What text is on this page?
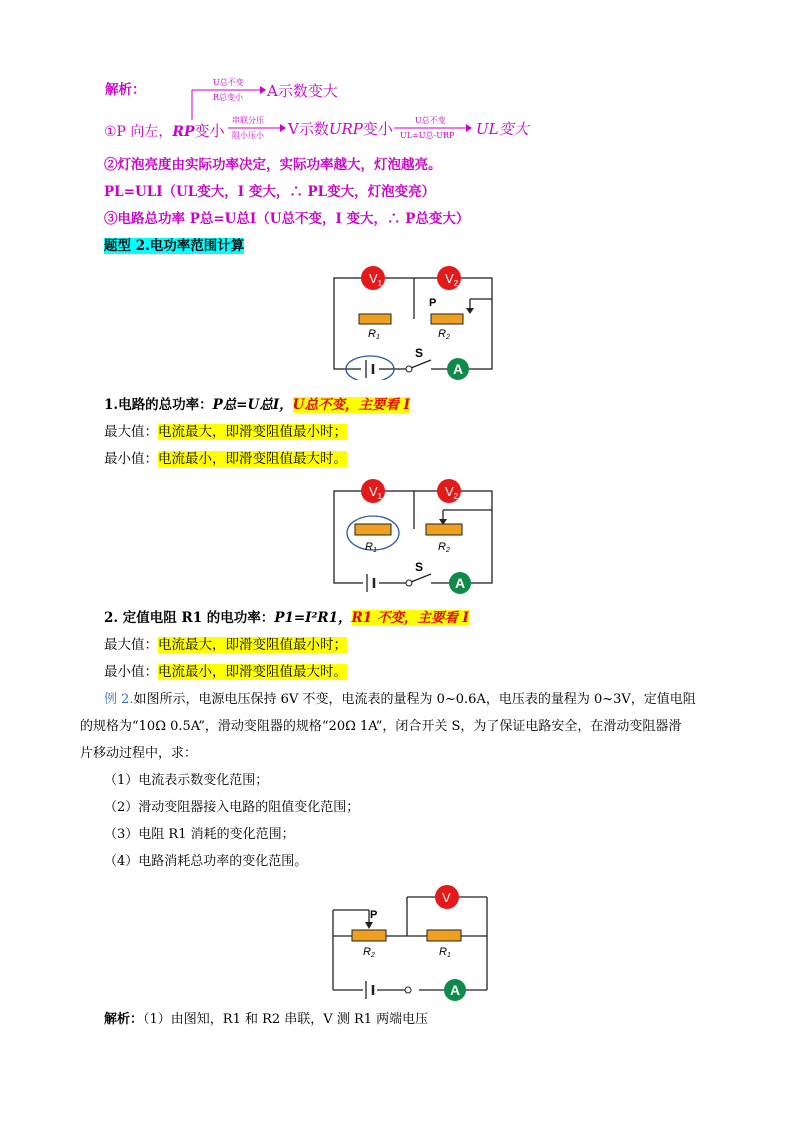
解析：	U总不变
R总变小 A示数变大
①P 向左，RP变小
串联分压
阻小压小 V示数URP变小	U总不变
UL=U总-URP UL变大
②灯泡亮度由实际功率决定，实际功率越大，灯泡越亮。
PL=ULI（UL变大，I 变大，∴ PL变大，灯泡变亮）
③电路总功率 P总=U总I（U总不变，I 变大，∴ P总变大）
题型 2.电功率范围计算
$V_1$	$V_2$
P
R1	R2
S
A
1.电路的总功率：P总=U总I，U总不变，主要看 I
最大值：电流最大，即滑变阻值最小时；
最小值：电流最小，即滑变阻值最大时。
$V_1$	$V_2$
R1	R2
S
A
2. 定值电阻 R1 的电功率：P1=I²R1，R1 不变，主要看 I
最大值：电流最大，即滑变阻值最小时；
最小值：电流最小，即滑变阻值最大时。
例 2.如图所示，电源电压保持 6V 不变，电流表的量程为 0~0.6A，电压表的量程为 0~3V，定值电阻
的规格为“10Ω 0.5A”，滑动变阻器的规格“20Ω 1A”，闭合开关 S，为了保证电路安全，在滑动变阻器滑
片移动过程中，求：
（1）电流表示数变化范围；
（2）滑动变阻器接入电路的阻值变化范围；
（3）电阻 R1 消耗的变化范围；
（4）电路消耗总功率的变化范围。
P
R2	R1
V
A
解析：（1）由图知，R1 和 R2 串联，V 测 R1 两端电压
